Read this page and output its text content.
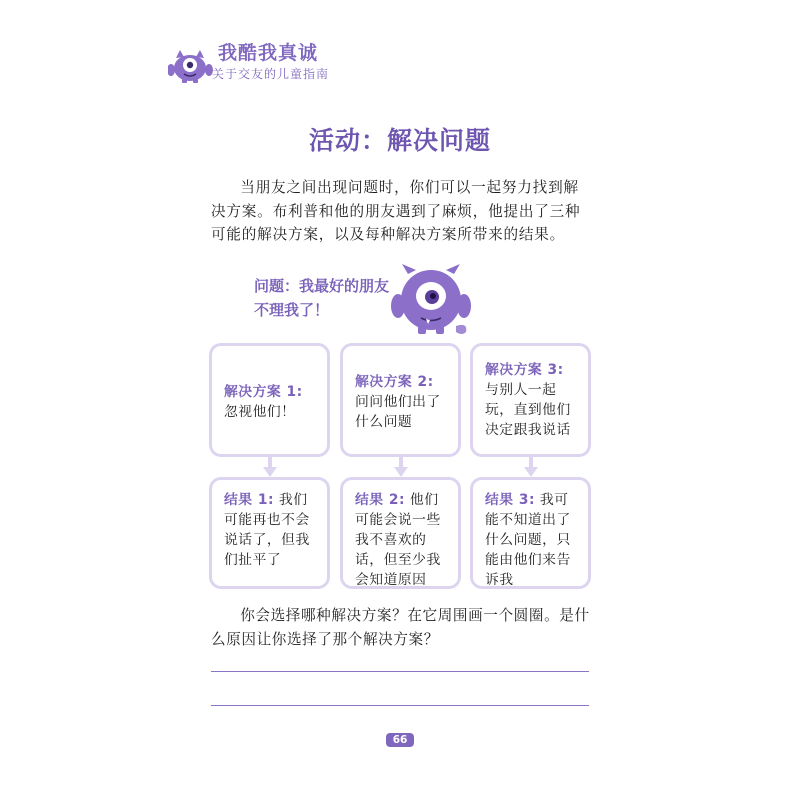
我酷我真诚
关于交友的儿童指南
活动：解决问题

当朋友之间出现问题时，你们可以一起努力找到解决方案。布利普和他的朋友遇到了麻烦，他提出了三种可能的解决方案，以及每种解决方案所带来的结果。

问题：我最好的朋友不理我了！

解决方案 1:
忽视他们！
解决方案 2:
问问他们出了什么问题
解决方案 3:
与别人一起玩，直到他们决定跟我说话
结果 1: 我们可能再也不会说话了，但我们扯平了
结果 2: 他们可能会说一些我不喜欢的话，但至少我会知道原因
结果 3: 我可能不知道出了什么问题，只能由他们来告诉我

你会选择哪种解决方案？在它周围画一个圆圈。是什么原因让你选择了那个解决方案？

66
